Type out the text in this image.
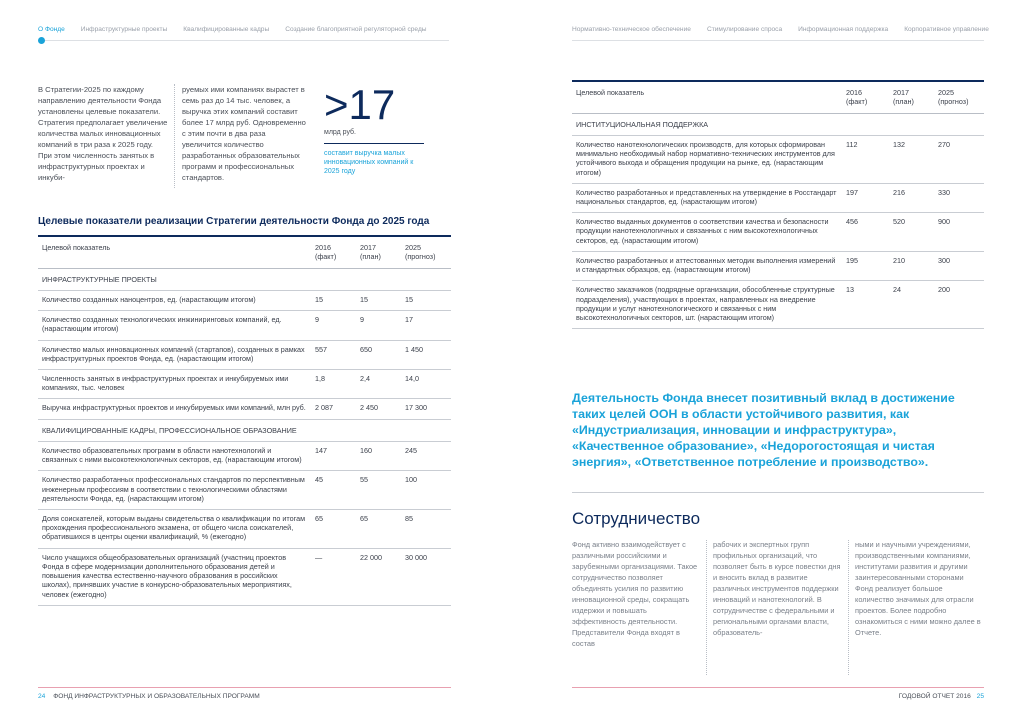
О Фонде Инфраструктурные проекты Квалифицированные кадры Создание благоприятной регуляторной среды	Нормативно-техническое обеспечение Стимулирование спроса Информационная поддержка Корпоративное управление
В Стратегии-2025 по каждому направлению деятельности Фонда установлены целевые показатели. Стратегия предполагает увеличение количества малых инновационных компаний в три раза к 2025 году. При этом численность занятых в инфраструктурных проектах и инкуби-
руемых ими компаниях вырастет в семь раз до 14 тыс. человек, а выручка этих компаний составит более 17 млрд руб. Одновременно с этим почти в два раза увеличится количество разработанных образовательных программ и профессиональных стандартов.
>17
млрд руб.
составит выручка малых инновационных компаний к 2025 году
Целевые показатели реализации Стратегии деятельности Фонда до 2025 года
Целевой показатель	2016 (факт)	2017 (план)	2025 (прогноз)
ИНФРАСТРУКТУРНЫЕ ПРОЕКТЫ			
Количество созданных наноцентров, ед. (нарастающим итогом)	15	15	15
Количество созданных технологических инжиниринговых компаний, ед. (нарастающим итогом)	9	9	17
Количество малых инновационных компаний (стартапов), созданных в рамках инфраструктурных проектов Фонда, ед. (нарастающим итогом)	557	650	1 450
Численность занятых в инфраструктурных проектах и инкубируемых ими компаниях, тыс. человек	1,8	2,4	14,0
Выручка инфраструктурных проектов и инкубируемых ими компаний, млн руб.	2 087	2 450	17 300
КВАЛИФИЦИРОВАННЫЕ КАДРЫ, ПРОФЕССИОНАЛЬНОЕ ОБРАЗОВАНИЕ			
Количество образовательных программ в области нанотехнологий и связанных с ними высокотехнологичных секторов, ед. (нарастающим итогом)	147	160	245
Количество разработанных профессиональных стандартов по перспективным инженерным профессиям в соответствии с технологическими областями деятельности Фонда, ед. (нарастающим итогом)	45	55	100
Доля соискателей, которым выданы свидетельства о квалификации по итогам прохождения профессионального экзамена, от общего числа соискателей, обратившихся в центры оценки квалификаций, % (ежегодно)	65	65	85
Число учащихся общеобразовательных организаций (участниц проектов Фонда в сфере модернизации дополнительного образования детей и повышения качества естественно-научного образования в российских школах), принявших участие в конкурсно-образовательных мероприятиях, человек (ежегодно)	—	22 000	30 000
Целевой показатель	2016 (факт)	2017 (план)	2025 (прогноз)
ИНСТИТУЦИОНАЛЬНАЯ ПОДДЕРЖКА			
Количество нанотехнологических производств, для которых сформирован минимально необходимый набор нормативно-технических инструментов для устойчивого выхода и обращения продукции на рынке, ед. (нарастающим итогом)	112	132	270
Количество разработанных и представленных на утверждение в Росстандарт национальных стандартов, ед. (нарастающим итогом)	197	216	330
Количество выданных документов о соответствии качества и безопасности продукции нанотехнологичных и связанных с ним высокотехнологичных секторов, ед. (нарастающим итогом)	456	520	900
Количество разработанных и аттестованных методик выполнения измерений и стандартных образцов, ед. (нарастающим итогом)	195	210	300
Количество заказчиков (подрядные организации, обособленные структурные подразделения), участвующих в проектах, направленных на внедрение продукции и услуг нанотехнологического и связанных с ним высокотехнологичных секторов, шт. (нарастающим итогом)	13	24	200
Деятельность Фонда внесет позитивный вклад в достижение таких целей ООН в области устойчивого развития, как «Индустриализация, инновации и инфраструктура», «Качественное образование», «Недорогостоящая и чистая энергия», «Ответственное потребление и производство».
Сотрудничество
Фонд активно взаимодействует с различными российскими и зарубежными организациями. Такое сотрудничество позволяет объединять усилия по развитию инновационной среды, сокращать издержки и повышать эффективность деятельности. Представители Фонда входят в состав
рабочих и экспертных групп профильных организаций, что позволяет быть в курсе повестки дня и вносить вклад в развитие различных инструментов поддержки инноваций и нанотехнологий. В сотрудничестве с федеральными и региональными органами власти, образователь-
ными и научными учреждениями, производственными компаниями, институтами развития и другими заинтересованными сторонами Фонд реализует большое количество значимых для отрасли проектов. Более подробно ознакомиться с ними можно далее в Отчете.
24 ФОНД ИНФРАСТРУКТУРНЫХ И ОБРАЗОВАТЕЛЬНЫХ ПРОГРАММ	ГОДОВОЙ ОТЧЕТ 2016 25
